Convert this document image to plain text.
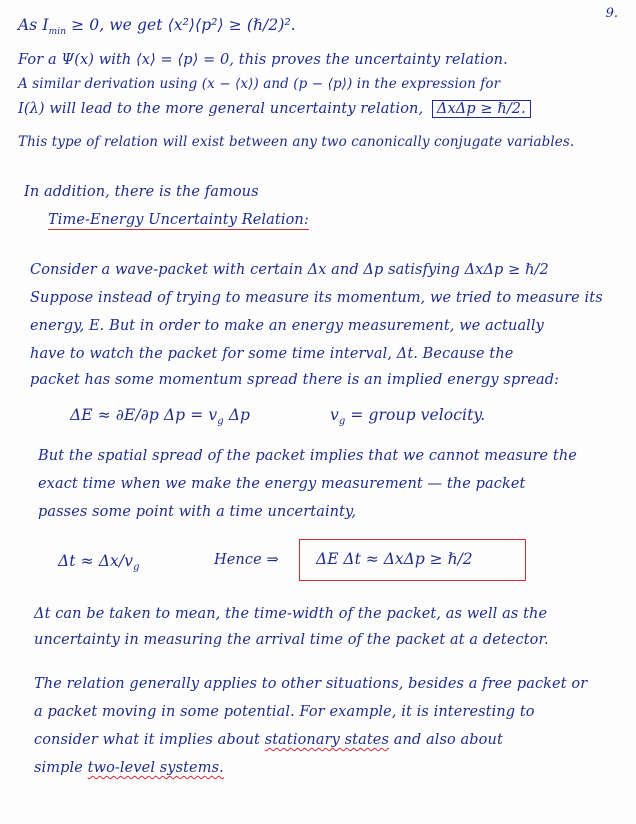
9.
As $I_{min} \ge 0$, we get ⟨x²⟩⟨p²⟩ ≥ (ℏ/2)².
For a Ψ(x) with ⟨x⟩ = ⟨p⟩ = 0, this proves the uncertainty relation.
A similar derivation using (x − ⟨x⟩) and (p − ⟨p⟩) in the expression for
I(λ) will lead to the more general uncertainty relation, ΔxΔp ≥ ℏ/2.
This type of relation will exist between any two canonically conjugate variables.
In addition, there is the famous
Time-Energy Uncertainty Relation:
Consider a wave-packet with certain Δx and Δp satisfying ΔxΔp ≥ ℏ/2
Suppose instead of trying to measure its momentum, we tried to measure its
energy, E. But in order to make an energy measurement, we actually
have to watch the packet for some time interval, Δt. Because the
packet has some momentum spread there is an implied energy spread:
ΔE ≈ ∂E/∂p $\Delta p = v_g$ Δp	$v_g$ = group velocity.
But the spatial spread of the packet implies that we cannot measure the
exact time when we make the energy measurement — the packet
passes some point with a time uncertainty,
$\Delta t \approx \Delta x/v_g$	Hence ⇒ ΔE Δt ≈ ΔxΔp ≥ ℏ/2
Δt can be taken to mean, the time-width of the packet, as well as the
uncertainty in measuring the arrival time of the packet at a detector.
The relation generally applies to other situations, besides a free packet or
a packet moving in some potential. For example, it is interesting to
consider what it implies about stationary states and also about
simple two-level systems.
